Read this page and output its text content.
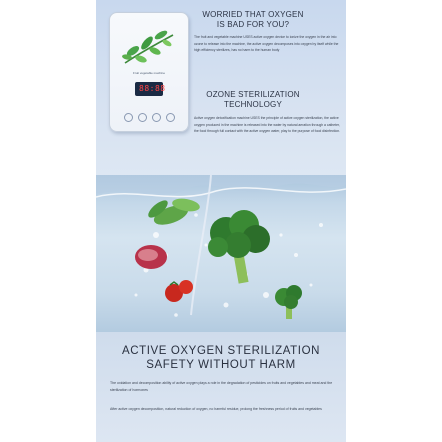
Fruit vegetable machine
88:88
WORRIED THAT OXYGEN
IS BAD FOR YOU?
The fruit and vegetable machine USES active oxygen device to ionize the oxygen in the air into ozone to release into the machine, the active oxygen decomposes into oxygen by itself while the high efficiency sterilizes, has no harm to the human body
OZONE STERILIZATION
TECHNOLOGY
Active oxygen detoxification machine USES the principle of active oxygen sterilization, the active oxygen produced in the machine is released into the water by natural aeration through a catheter, the food through full contact with the active oxygen water, play to the purpose of food disinfection.
ACTIVE OXYGEN STERILIZATION
SAFETY WITHOUT HARM
The oxidation and decomposition ability of active oxygen plays a role in the degradation of pesticides on fruits and vegetables and meat and the sterilization of hormones
After active oxygen decomposition, natural reduction of oxygen, no harmful residue, prolong the freshness period of fruits and vegetables
